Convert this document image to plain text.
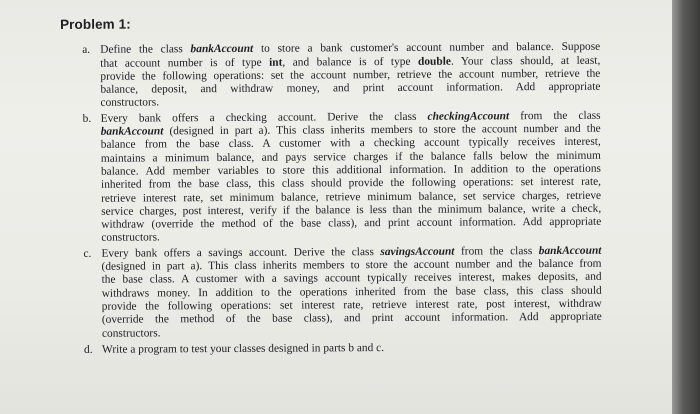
Problem 1:
a. Define the class bankAccount to store a bank customer's account number and balance. Suppose
that account number is of type int, and balance is of type double. Your class should, at least,
provide the following operations: set the account number, retrieve the account number, retrieve the
balance, deposit, and withdraw money, and print account information. Add appropriate
constructors.
b. Every bank offers a checking account. Derive the class checkingAccount from the class
bankAccount (designed in part a). This class inherits members to store the account number and the
balance from the base class. A customer with a checking account typically receives interest,
maintains a minimum balance, and pays service charges if the balance falls below the minimum
balance. Add member variables to store this additional information. In addition to the operations
inherited from the base class, this class should provide the following operations: set interest rate,
retrieve interest rate, set minimum balance, retrieve minimum balance, set service charges, retrieve
service charges, post interest, verify if the balance is less than the minimum balance, write a check,
withdraw (override the method of the base class), and print account information. Add appropriate
constructors.
c. Every bank offers a savings account. Derive the class savingsAccount from the class bankAccount
(designed in part a). This class inherits members to store the account number and the balance from
the base class. A customer with a savings account typically receives interest, makes deposits, and
withdraws money. In addition to the operations inherited from the base class, this class should
provide the following operations: set interest rate, retrieve interest rate, post interest, withdraw
(override the method of the base class), and print account information. Add appropriate
constructors.
d. Write a program to test your classes designed in parts b and c.
